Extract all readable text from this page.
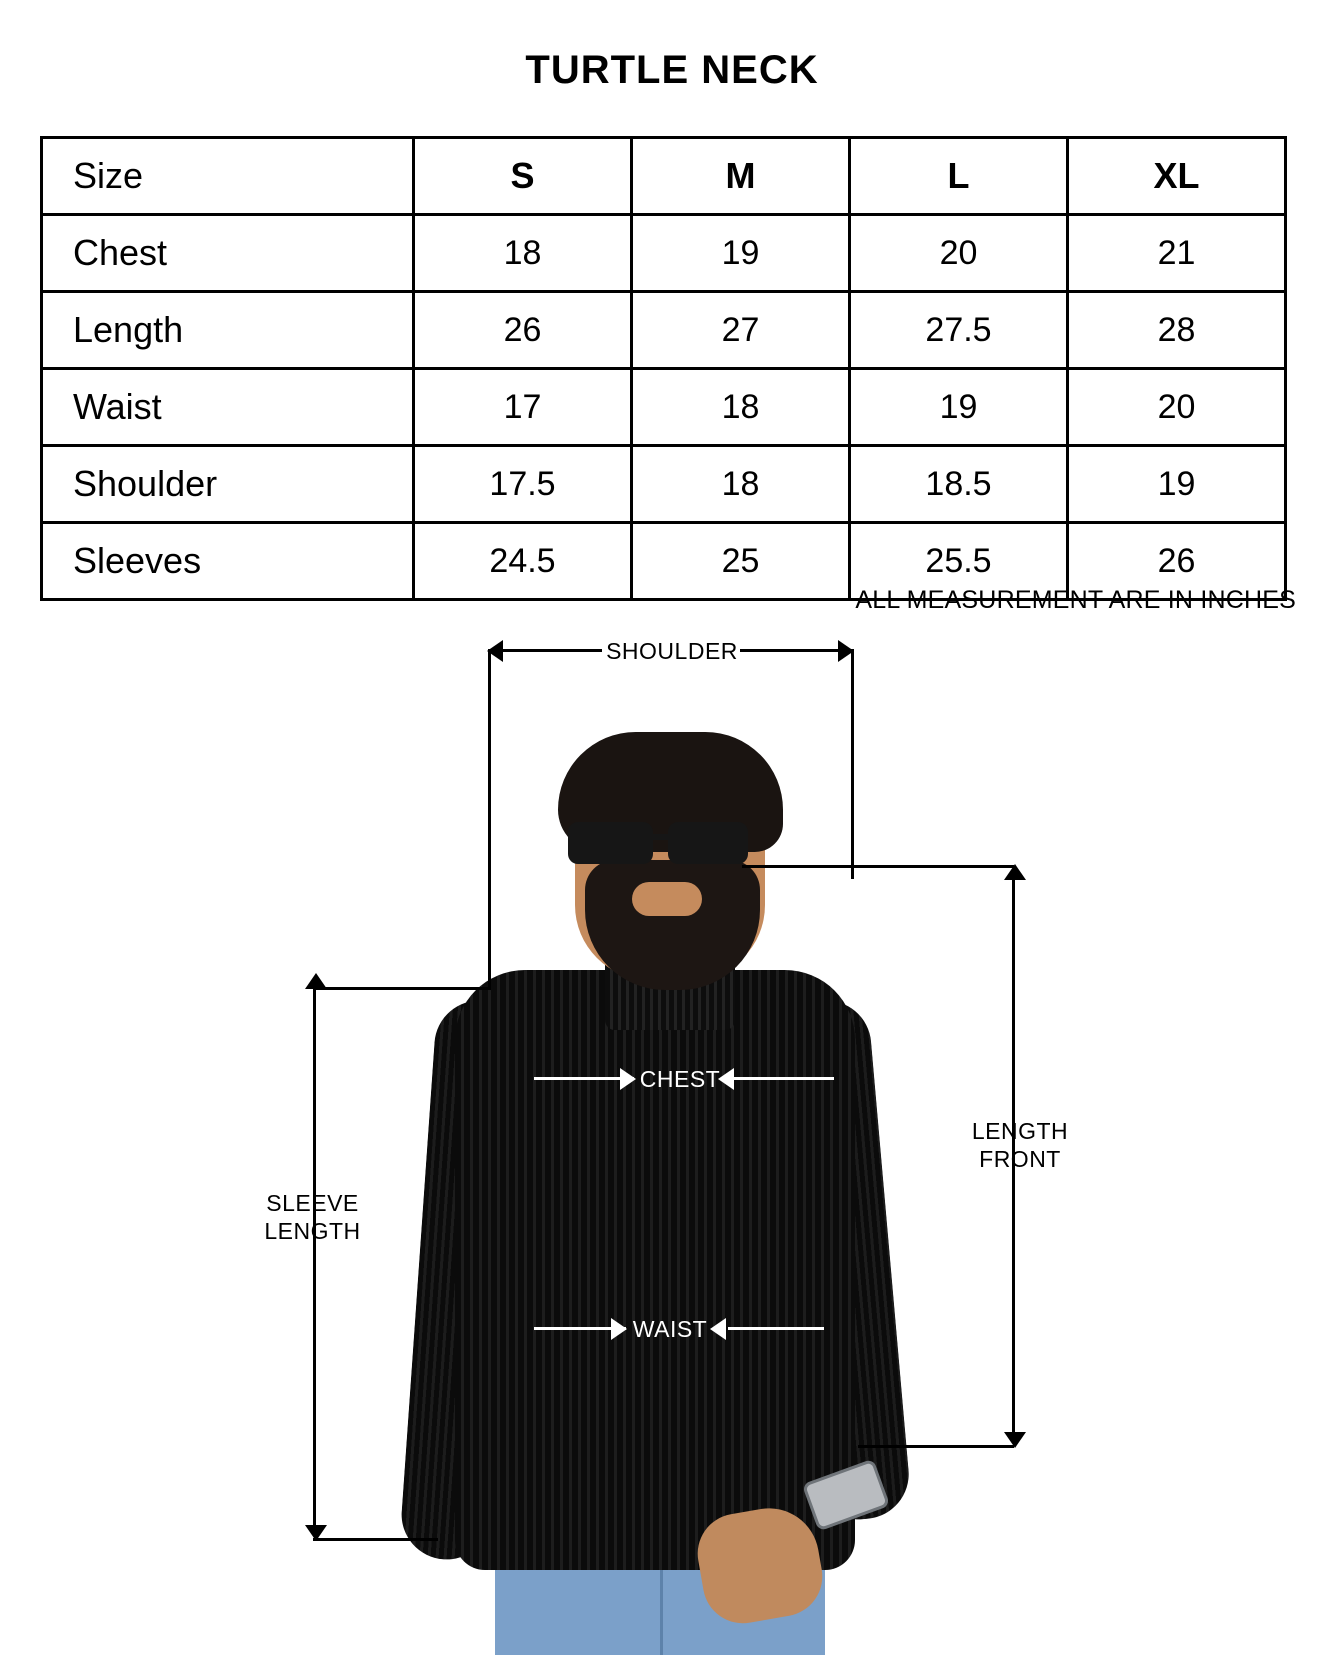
TURTLE NECK
Size	S	M	L	XL
Chest	18	19	20	21
Length	26	27	27.5	28
Waist	17	18	19	20
Shoulder	17.5	18	18.5	19
Sleeves	24.5	25	25.5	26
ALL MEASUREMENT ARE IN INCHES
SHOULDER
SLEEVE
LENGTH
LENGTH
FRONT
CHEST
WAIST
